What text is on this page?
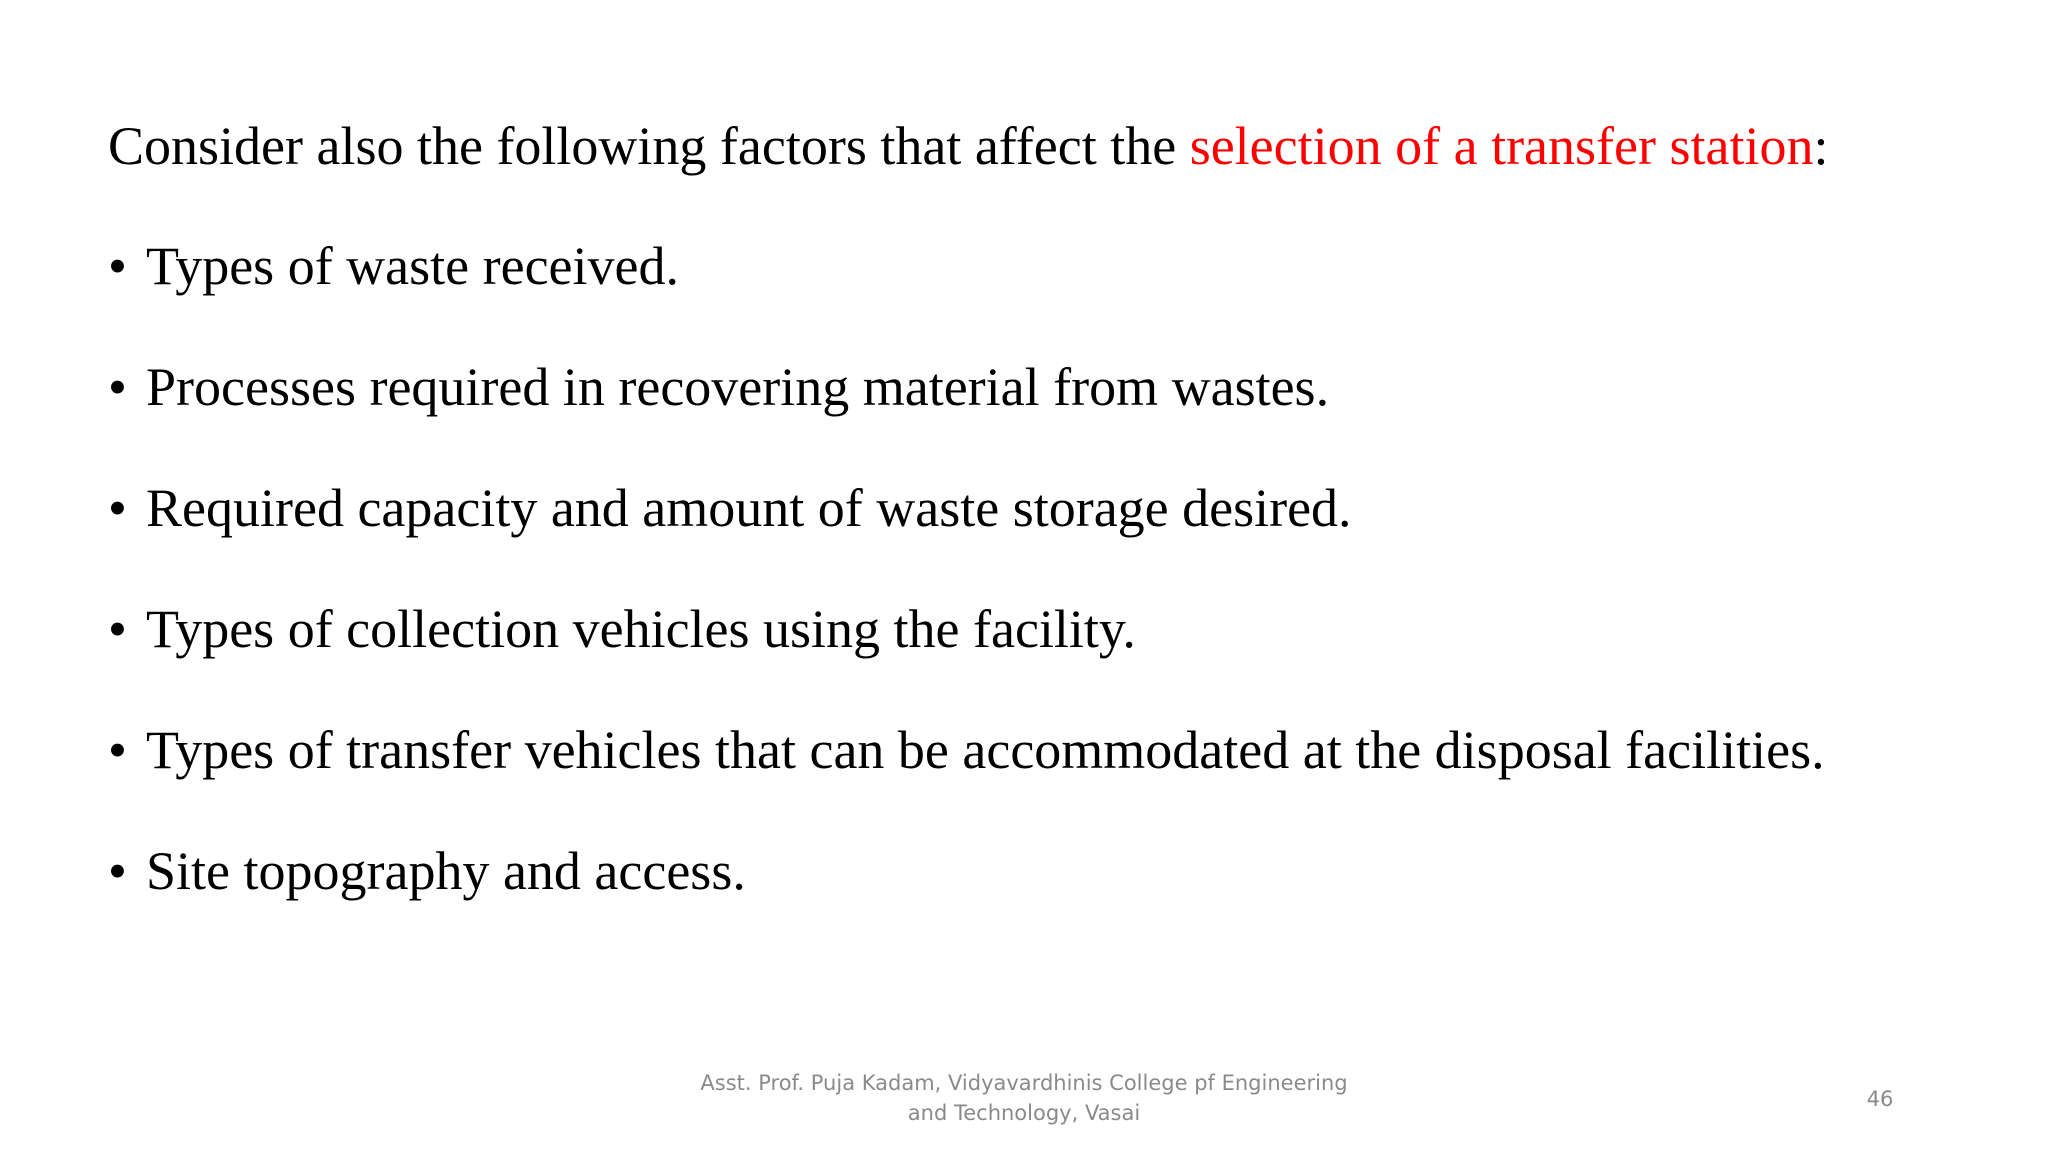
Consider also the following factors that affect the selection of a transfer station:
• Types of waste received.
• Processes required in recovering material from wastes.
• Required capacity and amount of waste storage desired.
• Types of collection vehicles using the facility.
• Types of transfer vehicles that can be accommodated at the disposal facilities.
• Site topography and access.
Asst. Prof. Puja Kadam, Vidyavardhinis College pf Engineering
and Technology, Vasai
46
